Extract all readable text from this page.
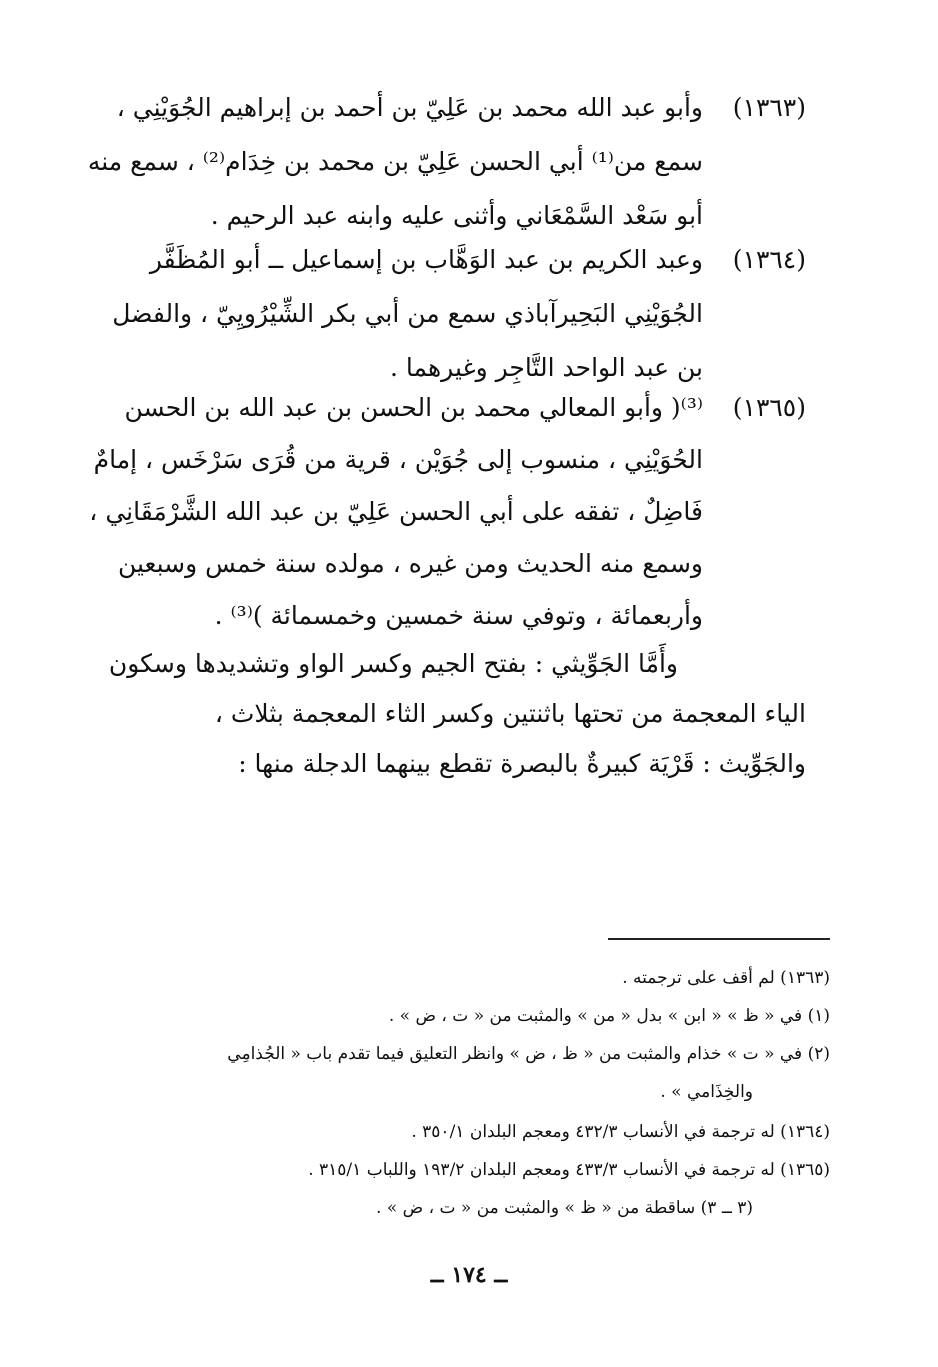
(١٣٦٣)
وأبو عبد الله محمد بن عَلِيّ بن أحمد بن إبراهيم الجُوَيْنِي ،
سمع من⁽¹⁾ أبي الحسن عَلِيّ بن محمد بن خِدَام⁽²⁾ ، سمع منه
أبو سَعْد السَّمْعَاني وأثنى عليه وابنه عبد الرحيم .
(١٣٦٤)
وعبد الكريم بن عبد الوَهَّاب بن إسماعيل ــ أبو المُظَفَّر
الجُوَيْنِي البَحِيرآباذي سمع من أبي بكر الشِّيْرُويِيّ ، والفضل
بن عبد الواحد التَّاجِر وغيرهما .
(١٣٦٥)
⁽³⁾( وأبو المعالي محمد بن الحسن بن عبد الله بن الحسن
الحُوَيْنِي ، منسوب إلى جُوَيْن ، قرية من قُرَى سَرْخَس ، إمامٌ
فَاضِلٌ ، تفقه على أبي الحسن عَلِيّ بن عبد الله الشَّرْمَقَانِي ،
وسمع منه الحديث ومن غيره ، مولده سنة خمس وسبعين
وأربعمائة ، وتوفي سنة خمسين وخمسمائة )⁽³⁾ .
وأَمَّا الجَوِّيثي : بفتح الجيم وكسر الواو وتشديدها وسكون
الياء المعجمة من تحتها باثنتين وكسر الثاء المعجمة بثلاث ،
والجَوِّيث : قَرْيَة كبيرةٌ بالبصرة تقطع بينهما الدجلة منها :
(١٣٦٣) لم أقف على ترجمته .
(١) في « ظ » « ابن » بدل « من » والمثبت من « ت ، ض » .
(٢) في « ت » خذام والمثبت من « ظ ، ض » وانظر التعليق فيما تقدم باب « الجُذامِي
والخِذَامي » .
(١٣٦٤) له ترجمة في الأنساب ٤٣٢/٣ ومعجم البلدان ٣٥٠/١ .
(١٣٦٥) له ترجمة في الأنساب ٤٣٣/٣ ومعجم البلدان ١٩٣/٢ واللباب ٣١٥/١ .
(٣ ــ ٣) ساقطة من « ظ » والمثبت من « ت ، ض » .
ــ ١٧٤ ــ
